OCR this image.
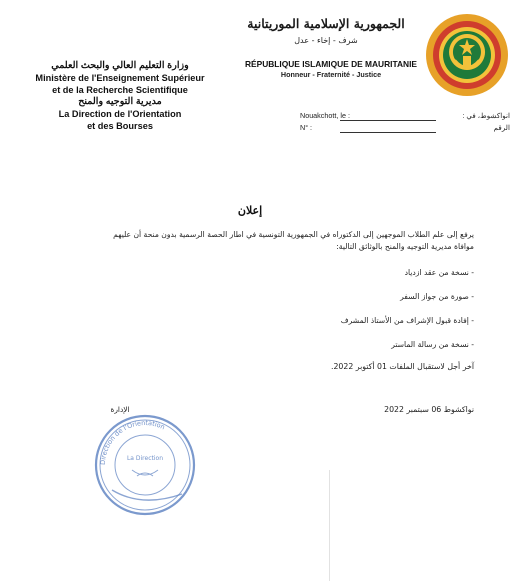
الجمهورية الإسلامية الموريتانية
شرف - إخاء - عدل
RÉPUBLIQUE ISLAMIQUE DE MAURITANIE
Honneur - Fraternité - Justice
وزارة التعليم العالي والبحث العلمي
Ministère de l'Enseignement Supérieur
et de la Recherche Scientifique
مديرية التوجيه والمنح
La Direction de l'Orientation
et des Bourses
Nouakchott, le :	انواكشوط، في :
N° :	الرقم
إعلان
يرفع إلى علم الطلاب الموجهين إلى الدكتوراه في الجمهورية التونسية في اطار الحصة الرسمية بدون منحة أن عليهم
موافاة مديرية التوجيه والمنح بالوثائق التالية:
- نسخة من عقد ازدياد
- صورة من جواز السفر
- إفادة قبول الإشراف من الأستاذ المشرف
- نسخة من رسالة الماستر
آخر أجل لاستقبال الملفات 01 أكتوبر 2022.
نواكشوط 06 سبتمبر 2022
الإدارة
Direction de l'Orientation
La Direction
